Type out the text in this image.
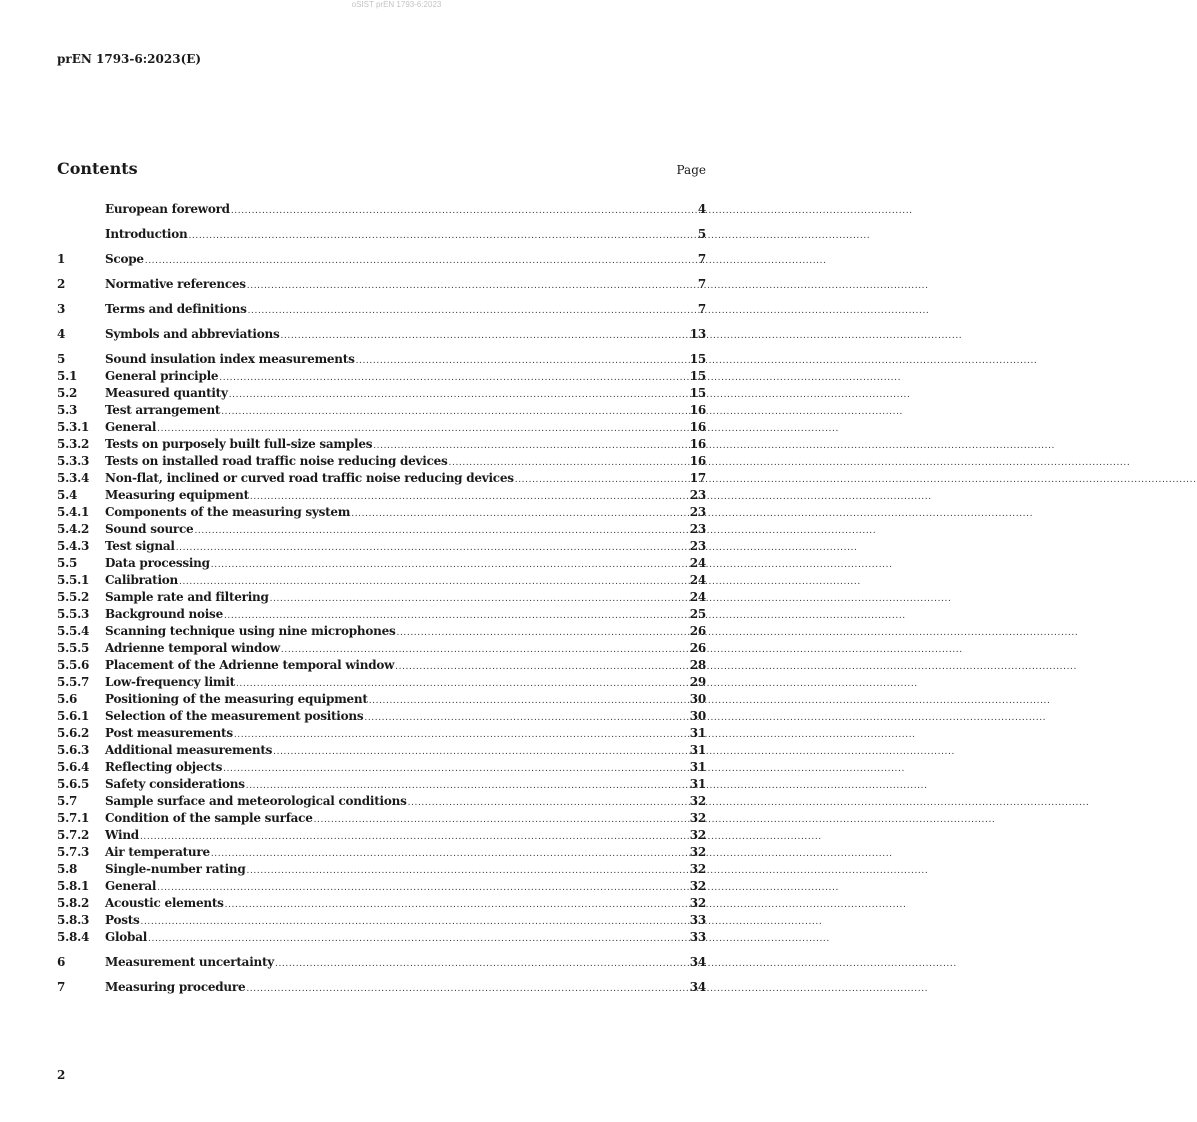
oSIST prEN 1793-6:2023
prEN 1793-6:2023(E)
Contents	Page
European foreword .....	4
Introduction .....	5
1	Scope .....	7
2	Normative references .....	7
3	Terms and definitions .....	7
4	Symbols and abbreviations .....	13
5	Sound insulation index measurements .....	15
5.1	General principle .....	15
5.2	Measured quantity .....	15
5.3	Test arrangement .....	16
5.3.1	General .....	16
5.3.2	Tests on purposely built full-size samples .....	16
5.3.3	Tests on installed road traffic noise reducing devices .....	16
5.3.4	Non-flat, inclined or curved road traffic noise reducing devices .....	17
5.4	Measuring equipment .....	23
5.4.1	Components of the measuring system .....	23
5.4.2	Sound source .....	23
5.4.3	Test signal .....	23
5.5	Data processing .....	24
5.5.1	Calibration .....	24
5.5.2	Sample rate and filtering .....	24
5.5.3	Background noise .....	25
5.5.4	Scanning technique using nine microphones .....	26
5.5.5	Adrienne temporal window .....	26
5.5.6	Placement of the Adrienne temporal window .....	28
5.5.7	Low-frequency limit .....	29
5.6	Positioning of the measuring equipment .....	30
5.6.1	Selection of the measurement positions .....	30
5.6.2	Post measurements .....	31
5.6.3	Additional measurements .....	31
5.6.4	Reflecting objects .....	31
5.6.5	Safety considerations .....	31
5.7	Sample surface and meteorological conditions .....	32
5.7.1	Condition of the sample surface .....	32
5.7.2	Wind .....	32
5.7.3	Air temperature .....	32
5.8	Single-number rating .....	32
5.8.1	General .....	32
5.8.2	Acoustic elements .....	32
5.8.3	Posts .....	33
5.8.4	Global .....	33
6	Measurement uncertainty .....	34
7	Measuring procedure .....	34
2
